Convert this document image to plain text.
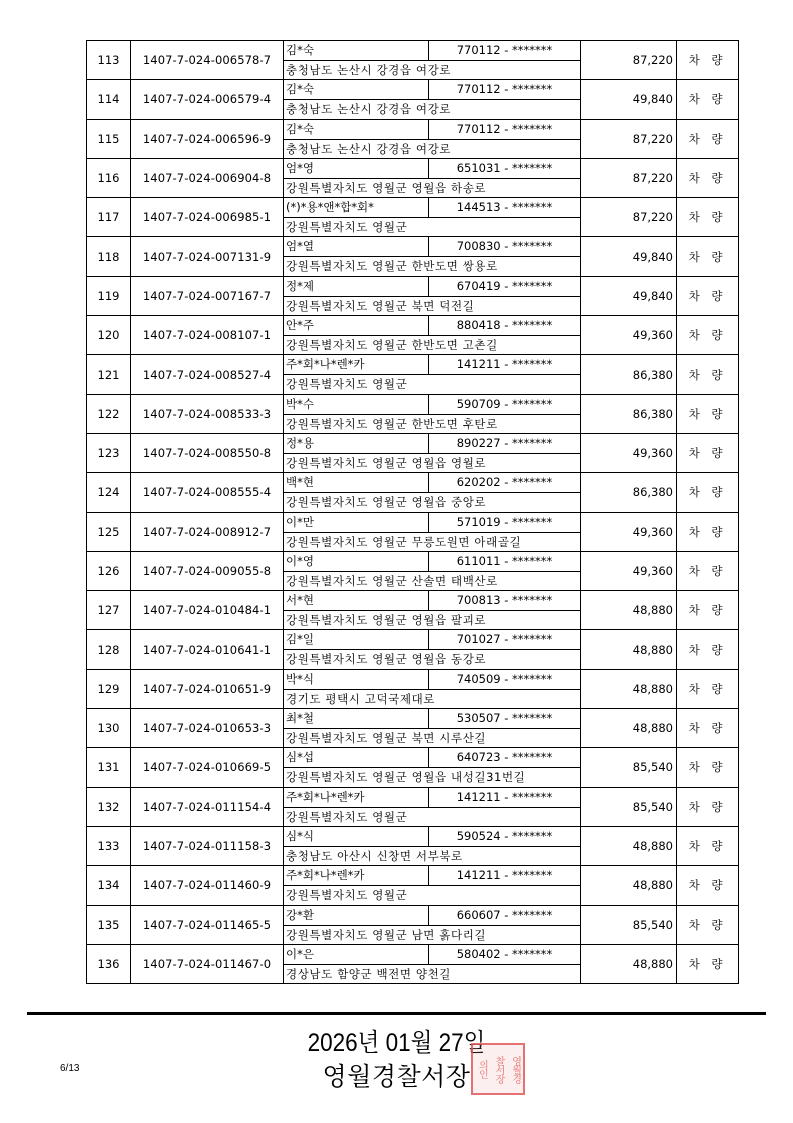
113	1407-7-024-006578-7
김*숙	770112 - *******
충청남도 논산시 강경읍 여강로
87,220	차 량
114	1407-7-024-006579-4
김*숙	770112 - *******
충청남도 논산시 강경읍 여강로
49,840	차 량
115	1407-7-024-006596-9
김*숙	770112 - *******
충청남도 논산시 강경읍 여강로
87,220	차 량
116	1407-7-024-006904-8
엄*영	651031 - *******
강원특별자치도 영월군 영월읍 하송로
87,220	차 량
117	1407-7-024-006985-1
(*)*용*앤*합*회*	144513 - *******
강원특별자치도 영월군
87,220	차 량
118	1407-7-024-007131-9
엄*열	700830 - *******
강원특별자치도 영월군 한반도면 쌍용로
49,840	차 량
119	1407-7-024-007167-7
정*제	670419 - *******
강원특별자치도 영월군 북면 덕전길
49,840	차 량
120	1407-7-024-008107-1
안*주	880418 - *******
강원특별자치도 영월군 한반도면 고촌길
49,360	차 량
121	1407-7-024-008527-4
주*회*나*렌*카	141211 - *******
강원특별자치도 영월군
86,380	차 량
122	1407-7-024-008533-3
박*수	590709 - *******
강원특별자치도 영월군 한반도면 후탄로
86,380	차 량
123	1407-7-024-008550-8
정*용	890227 - *******
강원특별자치도 영월군 영월읍 영월로
49,360	차 량
124	1407-7-024-008555-4
백*현	620202 - *******
강원특별자치도 영월군 영월읍 중앙로
86,380	차 량
125	1407-7-024-008912-7
이*만	571019 - *******
강원특별자치도 영월군 무릉도원면 아래골길
49,360	차 량
126	1407-7-024-009055-8
이*영	611011 - *******
강원특별자치도 영월군 산솔면 태백산로
49,360	차 량
127	1407-7-024-010484-1
서*현	700813 - *******
강원특별자치도 영월군 영월읍 팔괴로
48,880	차 량
128	1407-7-024-010641-1
김*일	701027 - *******
강원특별자치도 영월군 영월읍 동강로
48,880	차 량
129	1407-7-024-010651-9
박*식	740509 - *******
경기도 평택시 고덕국제대로
48,880	차 량
130	1407-7-024-010653-3
최*철	530507 - *******
강원특별자치도 영월군 북면 시루산길
48,880	차 량
131	1407-7-024-010669-5
심*섭	640723 - *******
강원특별자치도 영월군 영월읍 내성길31번길
85,540	차 량
132	1407-7-024-011154-4
주*회*나*렌*카	141211 - *******
강원특별자치도 영월군
85,540	차 량
133	1407-7-024-011158-3
심*식	590524 - *******
충청남도 아산시 신창면 서부북로
48,880	차 량
134	1407-7-024-011460-9
주*회*나*렌*카	141211 - *******
강원특별자치도 영월군
48,880	차 량
135	1407-7-024-011465-5
강*환	660607 - *******
강원특별자치도 영월군 남면 홁다리길
85,540	차 량
136	1407-7-024-011467-0
이*은	580402 - *******
경상남도 함양군 백전면 양천길
48,880	차 량
2026년 01월 27일
영월경찰서장
6/13	영월경
찰서장
의인
